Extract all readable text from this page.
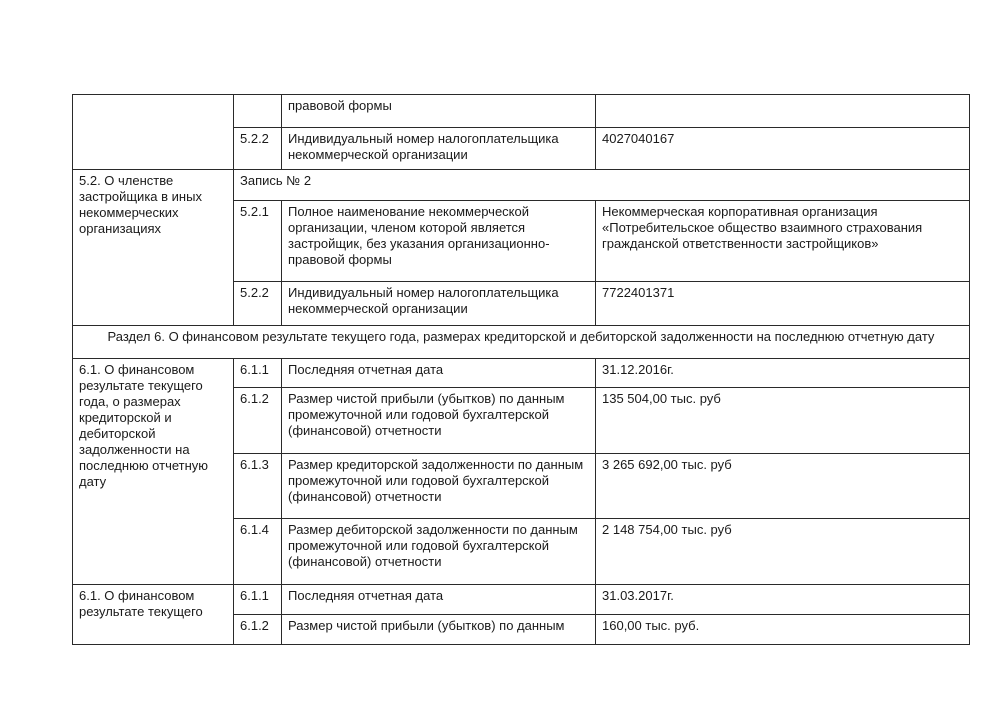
		правовой формы	
	5.2.2	Индивидуальный номер налогоплательщика некоммерческой организации	4027040167
5.2. О членстве застройщика в иных некоммерческих организациях	Запись № 2		
	5.2.1	Полное наименование некоммерческой организации, членом которой является застройщик, без указания организационно-правовой формы	Некоммерческая корпоративная организация «Потребительское общество взаимного страхования гражданской ответственности застройщиков»
	5.2.2	Индивидуальный номер налогоплательщика некоммерческой организации	7722401371
Раздел 6. О финансовом результате текущего года, размерах кредиторской и дебиторской задолженности на последнюю отчетную дату			
6.1. О финансовом результате текущего года, о размерах кредиторской и дебиторской задолженности на последнюю отчетную дату	6.1.1	Последняя отчетная дата	31.12.2016г.
	6.1.2	Размер чистой прибыли (убытков) по данным промежуточной или годовой бухгалтерской (финансовой) отчетности	135 504,00 тыс. руб
	6.1.3	Размер кредиторской задолженности по данным промежуточной или годовой бухгалтерской (финансовой) отчетности	3 265 692,00 тыс. руб
	6.1.4	Размер дебиторской задолженности по данным промежуточной или годовой бухгалтерской (финансовой) отчетности	2 148 754,00 тыс. руб
6.1. О финансовом результате текущего	6.1.1	Последняя отчетная дата	31.03.2017г.
	6.1.2	Размер чистой прибыли (убытков) по данным	160,00 тыс. руб.
